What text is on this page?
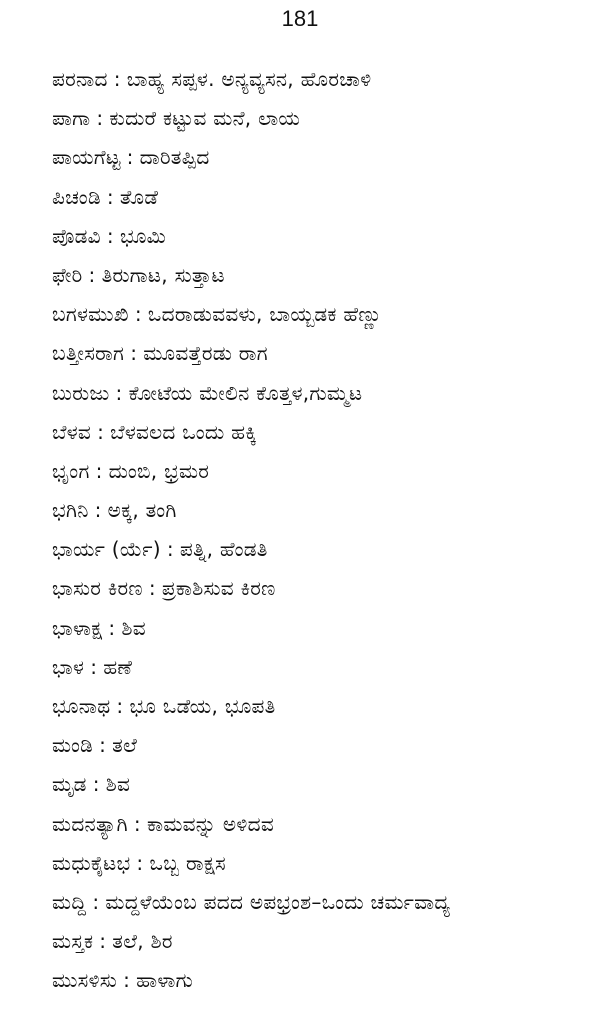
181
ಪರನಾದ : ಬಾಹ್ಯ ಸಪ್ಪಳ. ಅನ್ಯವ್ಯಸನ, ಹೊರಚಾಳಿ
ಪಾಗಾ : ಕುದುರೆ ಕಟ್ಟುವ ಮನೆ, ಲಾಯ
ಪಾಯಗೆಟ್ಟ : ದಾರಿತಪ್ಪಿದ
ಪಿಚಂಡಿ : ತೊಡೆ
ಪೊಡವಿ : ಭೂಮಿ
ಫೇರಿ : ತಿರುಗಾಟ, ಸುತ್ತಾಟ
ಬಗಳಮುಖಿ : ಒದರಾಡುವವಳು, ಬಾಯ್ಬಡಕ ಹೆಣ್ಣು
ಬತ್ತೀಸರಾಗ : ಮೂವತ್ತೆರಡು ರಾಗ
ಬುರುಜು : ಕೋಟೆಯ ಮೇಲಿನ ಕೊತ್ತಳ,ಗುಮ್ಮಟ
ಬೆಳವ : ಬೆಳವಲದ ಒಂದು ಹಕ್ಕಿ
ಭೃಂಗ : ದುಂಬಿ, ಭ್ರಮರ
ಭಗಿನಿ : ಅಕ್ಕ, ತಂಗಿ
ಭಾರ್ಯ (ರ್ಯೆ) : ಪತ್ನಿ, ಹೆಂಡತಿ
ಭಾಸುರ ಕಿರಣ : ಪ್ರಕಾಶಿಸುವ ಕಿರಣ
ಭಾಳಾಕ್ಷ : ಶಿವ
ಭಾಳ : ಹಣೆ
ಭೂನಾಥ : ಭೂ ಒಡೆಯ, ಭೂಪತಿ
ಮಂಡಿ : ತಲೆ
ಮೃಡ : ಶಿವ
ಮದನತ್ಯಾಗಿ : ಕಾಮವನ್ನು ಅಳಿದವ
ಮಧುಕೈಟಭ : ಒಬ್ಬ ರಾಕ್ಷಸ
ಮದ್ದಿ : ಮದ್ದಳೆಯೆಂಬ ಪದದ ಅಪಭ್ರಂಶ–ಒಂದು ಚರ್ಮವಾದ್ಯ
ಮಸ್ತಕ : ತಲೆ, ಶಿರ
ಮುಸಳಿಸು : ಹಾಳಾಗು
